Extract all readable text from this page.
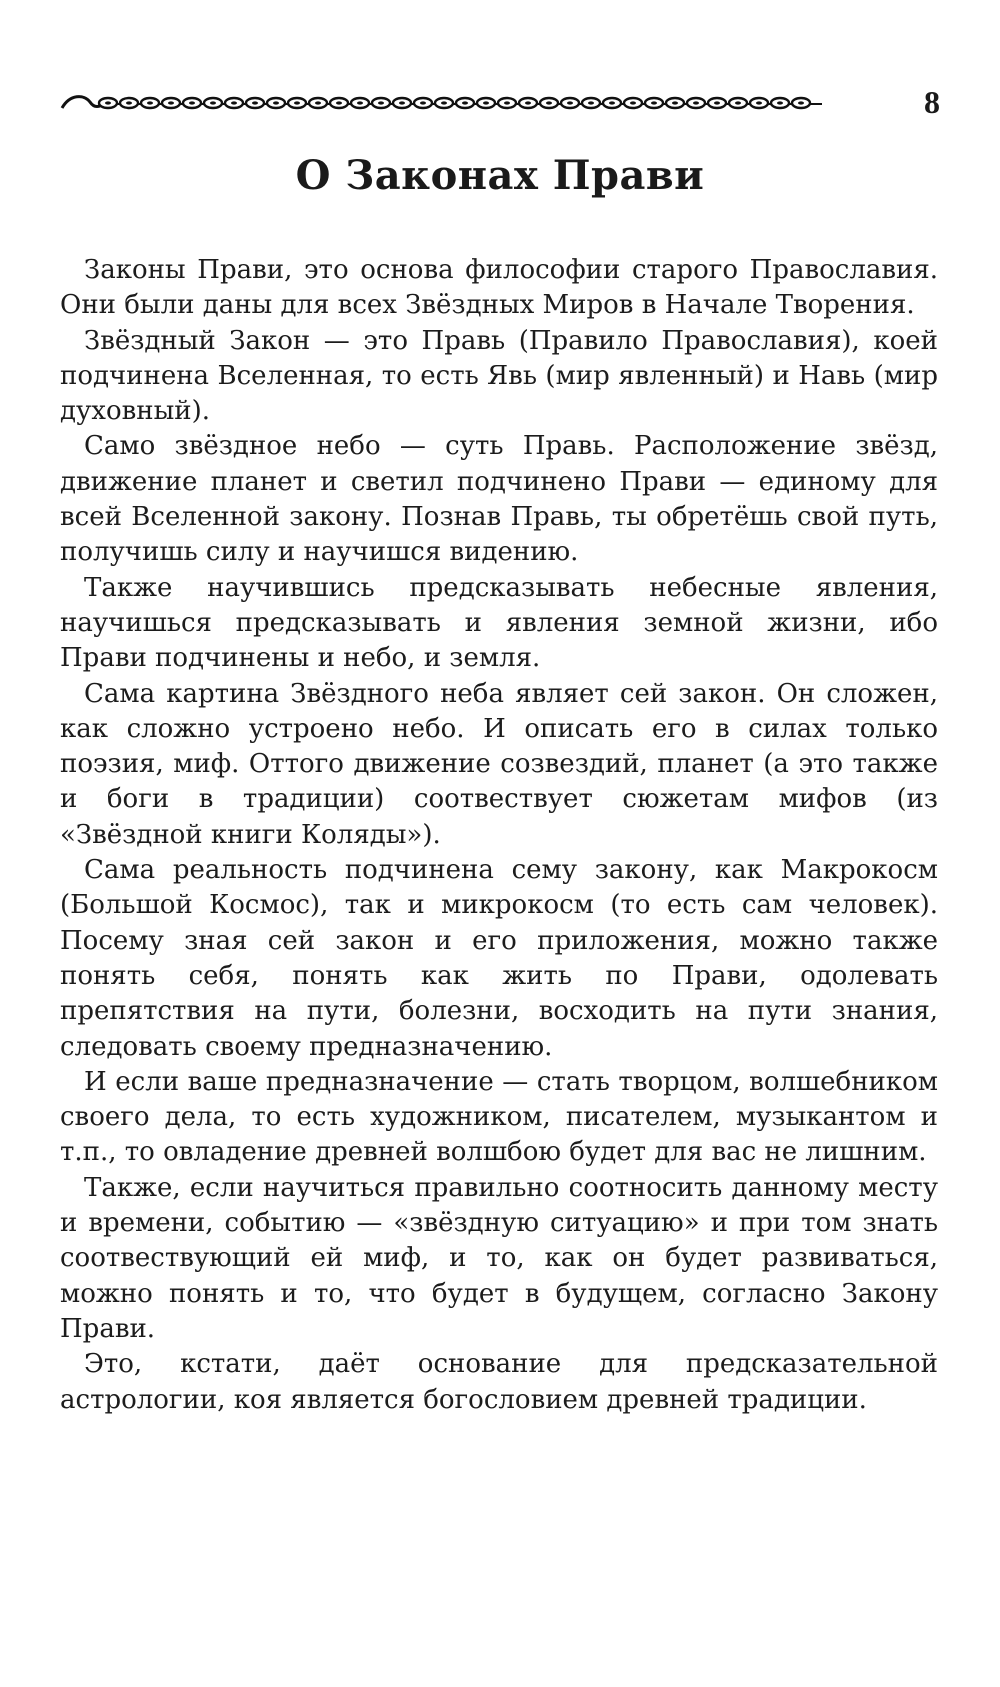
8
О Законах Прави

Законы Прави, это основа философии старого Православия. Они были даны для всех Звёздных Миров в Начале Творения.

Звёздный Закон — это Правь (Правило Православия), коей подчинена Вселенная, то есть Явь (мир явленный) и Навь (мир духовный).

Само звёздное небо — суть Правь. Расположение звёзд, движение планет и светил подчинено Прави — единому для всей Вселенной закону. Познав Правь, ты обретёшь свой путь, получишь силу и научишся видению.

Также научившись предсказывать небесные явления, научишься предсказывать и явления земной жизни, ибо Прави подчинены и небо, и земля.

Сама картина Звёздного неба являет сей закон. Он сложен, как сложно устроено небо. И описать его в силах только поэзия, миф. Оттого движение созвездий, планет (а это также и боги в традиции) соотвествует сюжетам мифов (из «Звёздной книги Коляды»).

Сама реальность подчинена сему закону, как Макрокосм (Большой Космос), так и микрокосм (то есть сам человек). Посему зная сей закон и его приложения, можно также понять себя, понять как жить по Прави, одолевать препятствия на пути, болезни, восходить на пути знания, следовать своему предназначению.

И если ваше предназначение — стать творцом, волшебником своего дела, то есть художником, писателем, музыкантом и т.п., то овладение древней волшбою будет для вас не лишним.

Также, если научиться правильно соотносить данному месту и времени, событию — «звёздную ситуацию» и при том знать соотвествующий ей миф, и то, как он будет развиваться, можно понять и то, что будет в будущем, согласно Закону Прави.

Это, кстати, даёт основание для предсказательной астрологии, коя является богословием древней традиции.
